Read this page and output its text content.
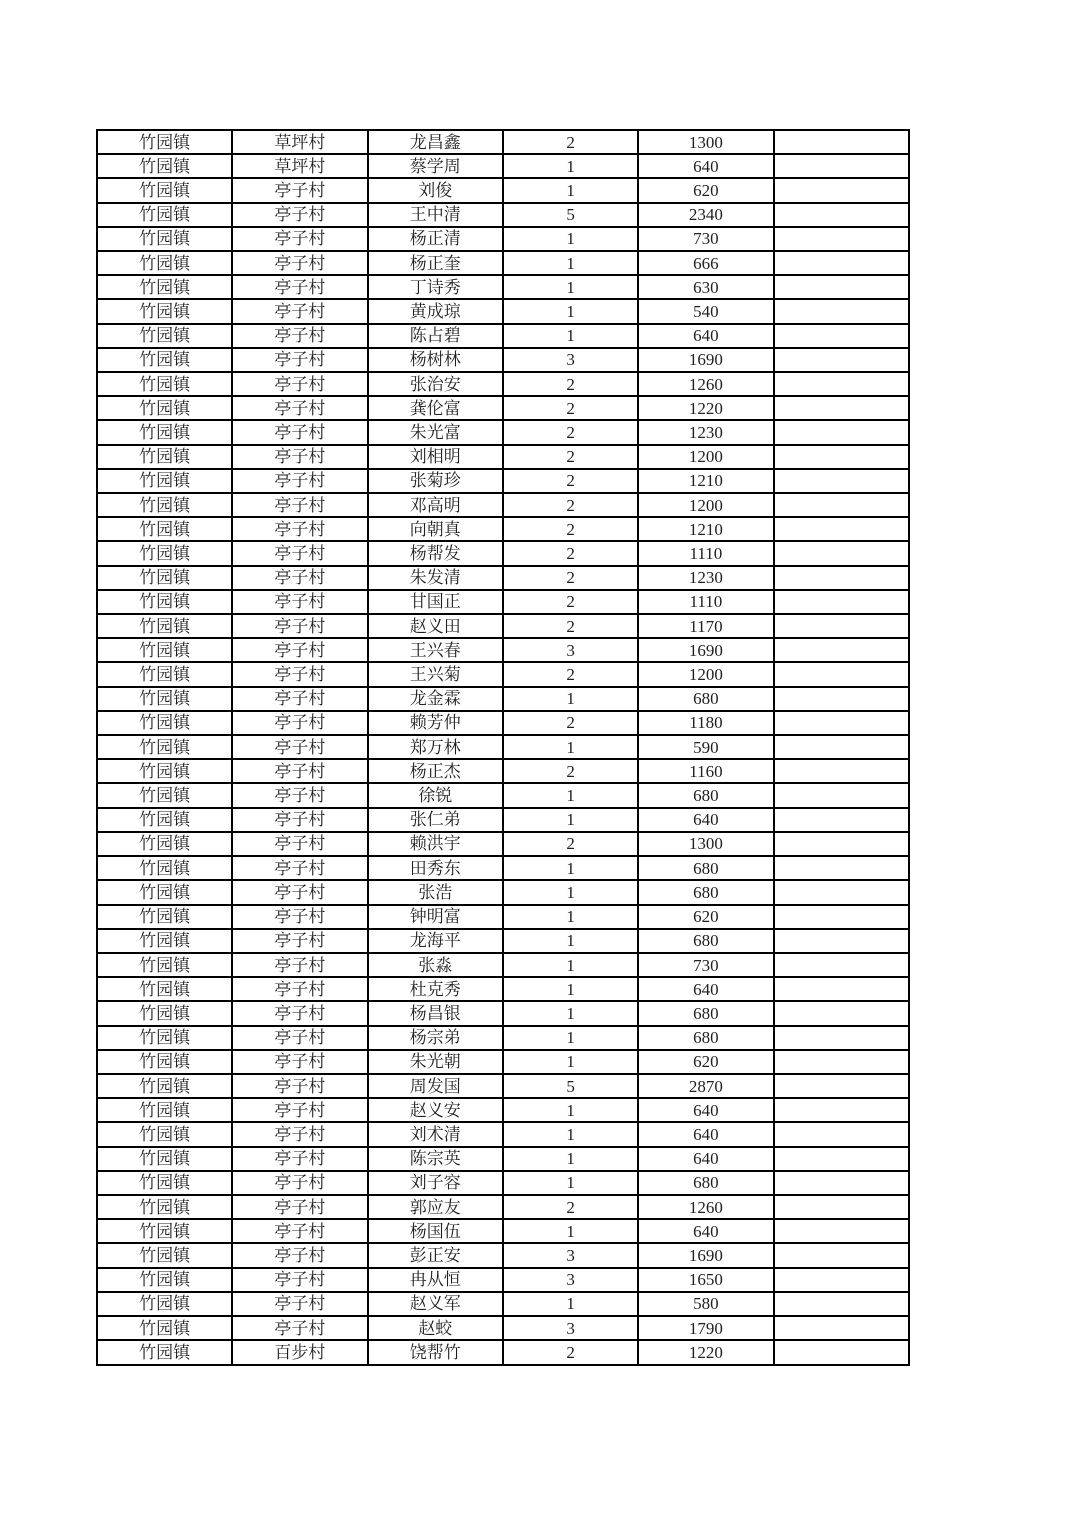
竹园镇	草坪村	龙昌鑫	2	1300	
竹园镇	草坪村	蔡学周	1	640	
竹园镇	亭子村	刘俊	1	620	
竹园镇	亭子村	王中清	5	2340	
竹园镇	亭子村	杨正清	1	730	
竹园镇	亭子村	杨正奎	1	666	
竹园镇	亭子村	丁诗秀	1	630	
竹园镇	亭子村	黄成琼	1	540	
竹园镇	亭子村	陈占碧	1	640	
竹园镇	亭子村	杨树林	3	1690	
竹园镇	亭子村	张治安	2	1260	
竹园镇	亭子村	龚伦富	2	1220	
竹园镇	亭子村	朱光富	2	1230	
竹园镇	亭子村	刘相明	2	1200	
竹园镇	亭子村	张菊珍	2	1210	
竹园镇	亭子村	邓高明	2	1200	
竹园镇	亭子村	向朝真	2	1210	
竹园镇	亭子村	杨帮发	2	1110	
竹园镇	亭子村	朱发清	2	1230	
竹园镇	亭子村	甘国正	2	1110	
竹园镇	亭子村	赵义田	2	1170	
竹园镇	亭子村	王兴春	3	1690	
竹园镇	亭子村	王兴菊	2	1200	
竹园镇	亭子村	龙金霖	1	680	
竹园镇	亭子村	赖芳仲	2	1180	
竹园镇	亭子村	郑万林	1	590	
竹园镇	亭子村	杨正杰	2	1160	
竹园镇	亭子村	徐锐	1	680	
竹园镇	亭子村	张仁弟	1	640	
竹园镇	亭子村	赖洪宇	2	1300	
竹园镇	亭子村	田秀东	1	680	
竹园镇	亭子村	张浩	1	680	
竹园镇	亭子村	钟明富	1	620	
竹园镇	亭子村	龙海平	1	680	
竹园镇	亭子村	张淼	1	730	
竹园镇	亭子村	杜克秀	1	640	
竹园镇	亭子村	杨昌银	1	680	
竹园镇	亭子村	杨宗弟	1	680	
竹园镇	亭子村	朱光朝	1	620	
竹园镇	亭子村	周发国	5	2870	
竹园镇	亭子村	赵义安	1	640	
竹园镇	亭子村	刘术清	1	640	
竹园镇	亭子村	陈宗英	1	640	
竹园镇	亭子村	刘子容	1	680	
竹园镇	亭子村	郭应友	2	1260	
竹园镇	亭子村	杨国伍	1	640	
竹园镇	亭子村	彭正安	3	1690	
竹园镇	亭子村	冉从恒	3	1650	
竹园镇	亭子村	赵义军	1	580	
竹园镇	亭子村	赵蛟	3	1790	
竹园镇	百步村	饶帮竹	2	1220	
